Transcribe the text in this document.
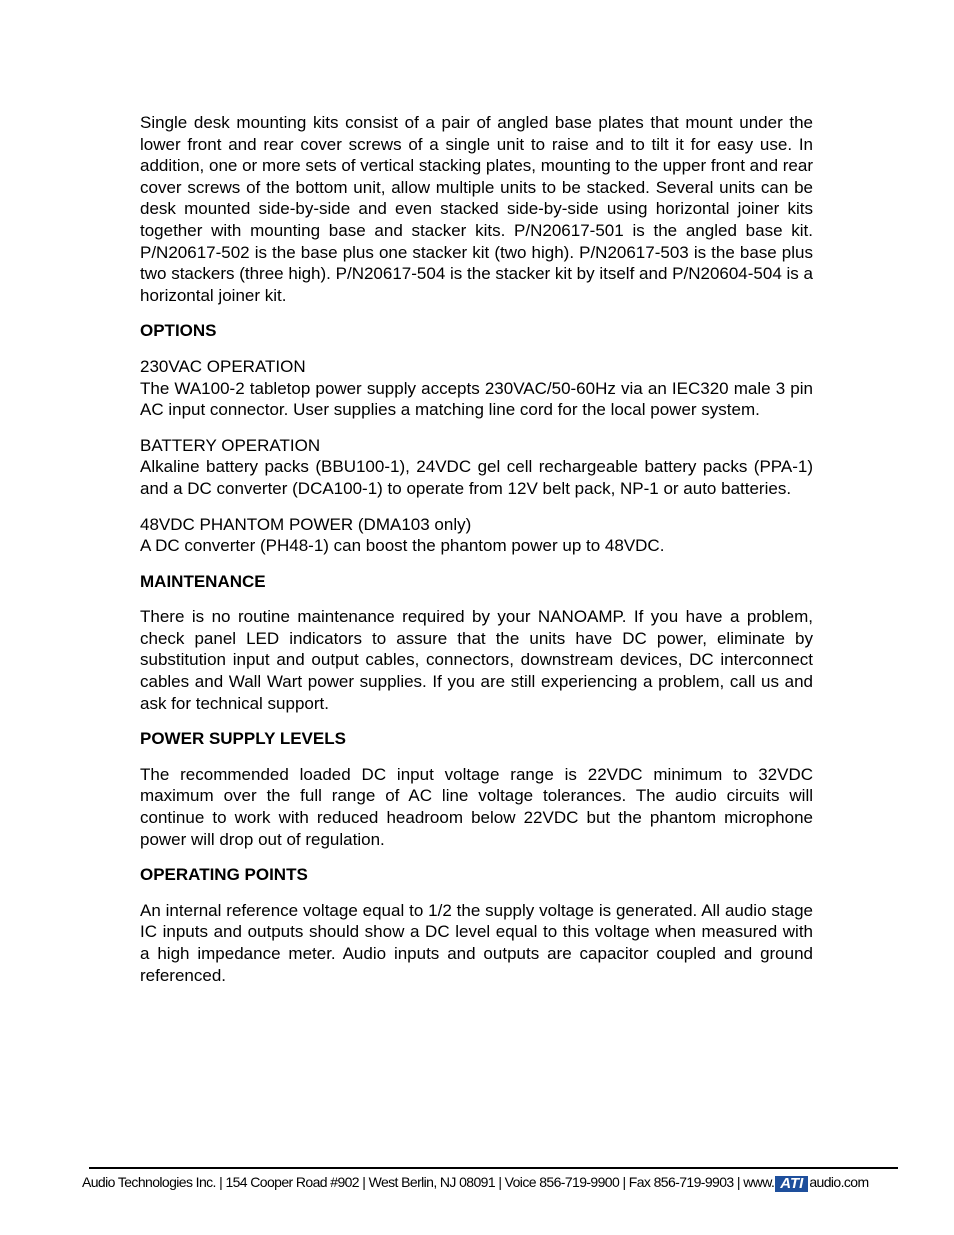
Single desk mounting kits consist of a pair of angled base plates that mount under the lower front and rear cover screws of a single unit to raise and to tilt it for easy use. In addition, one or more sets of vertical stacking plates, mounting to the upper front and rear cover screws of the bottom unit, allow multiple units to be stacked. Several units can be desk mounted side-by-side and even stacked side-by-side using horizontal joiner kits together with mounting base and stacker kits. P/N20617-501 is the angled base kit. P/N20617-502 is the base plus one stacker kit (two high). P/N20617-503 is the base plus two stackers (three high). P/N20617-504 is the stacker kit by itself and P/N20604-504 is a horizontal joiner kit.

OPTIONS

230VAC OPERATION
The WA100-2 tabletop power supply accepts 230VAC/50-60Hz via an IEC320 male 3 pin AC input connector. User supplies a matching line cord for the local power system.

BATTERY OPERATION
Alkaline battery packs (BBU100-1), 24VDC gel cell rechargeable battery packs (PPA-1) and a DC converter (DCA100-1) to operate from 12V belt pack, NP-1 or auto batteries.

48VDC PHANTOM POWER (DMA103 only)
A DC converter (PH48-1) can boost the phantom power up to 48VDC.

MAINTENANCE

There is no routine maintenance required by your NANOAMP. If you have a problem, check panel LED indicators to assure that the units have DC power, eliminate by substitution input and output cables, connectors, downstream devices, DC interconnect cables and Wall Wart power supplies. If you are still experiencing a problem, call us and ask for technical support.

POWER SUPPLY LEVELS

The recommended loaded DC input voltage range is 22VDC minimum to 32VDC maximum over the full range of AC line voltage tolerances. The audio circuits will continue to work with reduced headroom below 22VDC but the phantom microphone power will drop out of regulation.

OPERATING POINTS

An internal reference voltage equal to 1/2 the supply voltage is generated. All audio stage IC inputs and outputs should show a DC level equal to this voltage when measured with a high impedance meter. Audio inputs and outputs are capacitor coupled and ground referenced.

Audio Technologies Inc. | 154 Cooper Road #902 | West Berlin, NJ 08091 | Voice 856-719-9900 | Fax 856-719-9903 | www. ATI audio.com
